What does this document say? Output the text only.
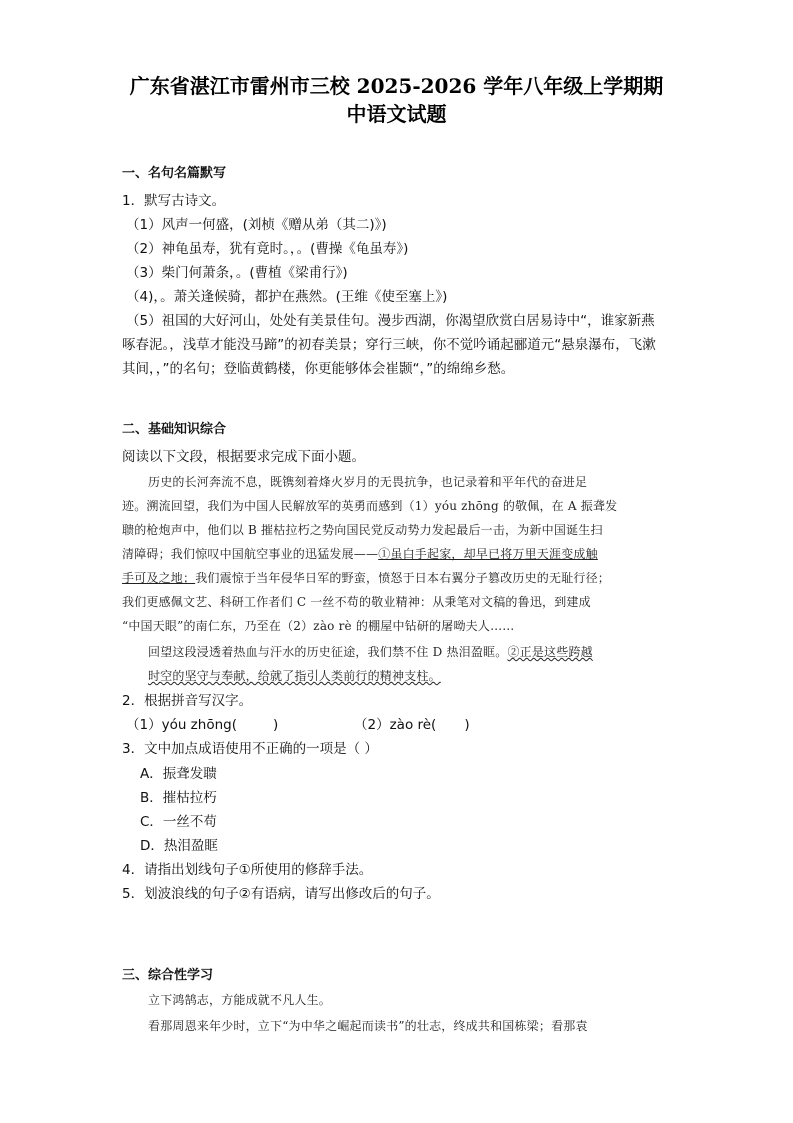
广东省湛江市雷州市三校 2025-2026 学年八年级上学期期
中语文试题
一、名句名篇默写
1．默写古诗文。
（1）风声一何盛，(刘桢《赠从弟（其二)》)
（2）神龟虽寿，犹有竟时。，。(曹操《龟虽寿》)
（3）柴门何萧条，。(曹植《梁甫行》)
（4)，。萧关逢候骑，都护在燕然。(王维《使至塞上》)
（5）祖国的大好河山，处处有美景佳句。漫步西湖，你渴望欣赏白居易诗中“，谁家新燕
啄春泥。，浅草才能没马蹄”的初春美景；穿行三峡，你不觉吟诵起郦道元“悬泉瀑布，飞漱
其间，，”的名句；登临黄鹤楼，你更能够体会崔颢“，”的绵绵乡愁。
二、基础知识综合
阅读以下文段，根据要求完成下面小题。
历史的长河奔流不息，既镌刻着烽火岁月的无畏抗争，也记录着和平年代的奋进足
迹。溯流回望，我们为中国人民解放军的英勇而感到（1）yóu zhōng 的敬佩，在 A 振聋发
聩的枪炮声中，他们以 B 摧枯拉朽之势向国民党反动势力发起最后一击，为新中国诞生扫
清障碍；我们惊叹中国航空事业的迅猛发展——①虽白手起家，却早已将万里天涯变成触
手可及之地；我们震惊于当年侵华日军的野蛮，愤怒于日本右翼分子篡改历史的无耻行径；
我们更感佩文艺、科研工作者们 C 一丝不苟的敬业精神：从秉笔对文稿的鲁迅，到建成
“中国天眼”的南仁东，乃至在（2）zào rè 的棚屋中钻研的屠呦夫人……
回望这段浸透着热血与汗水的历史征途，我们禁不住 D 热泪盈眶。②正是这些跨越
时空的坚守与奉献，给就了指引人类前行的精神支柱。
2．根据拼音写汉字。
（1）yóu zhōng(	)	（2）zào rè( )
3．文中加点成语使用不正确的一项是（ ）
A．振聋发聩
B．摧枯拉朽
C．一丝不苟
D．热泪盈眶
4．请指出划线句子①所使用的修辞手法。
5．划波浪线的句子②有语病，请写出修改后的句子。
三、综合性学习
立下鸿鹄志，方能成就不凡人生。
看那周恩来年少时，立下“为中华之崛起而读书”的壮志，终成共和国栋梁；看那袁
